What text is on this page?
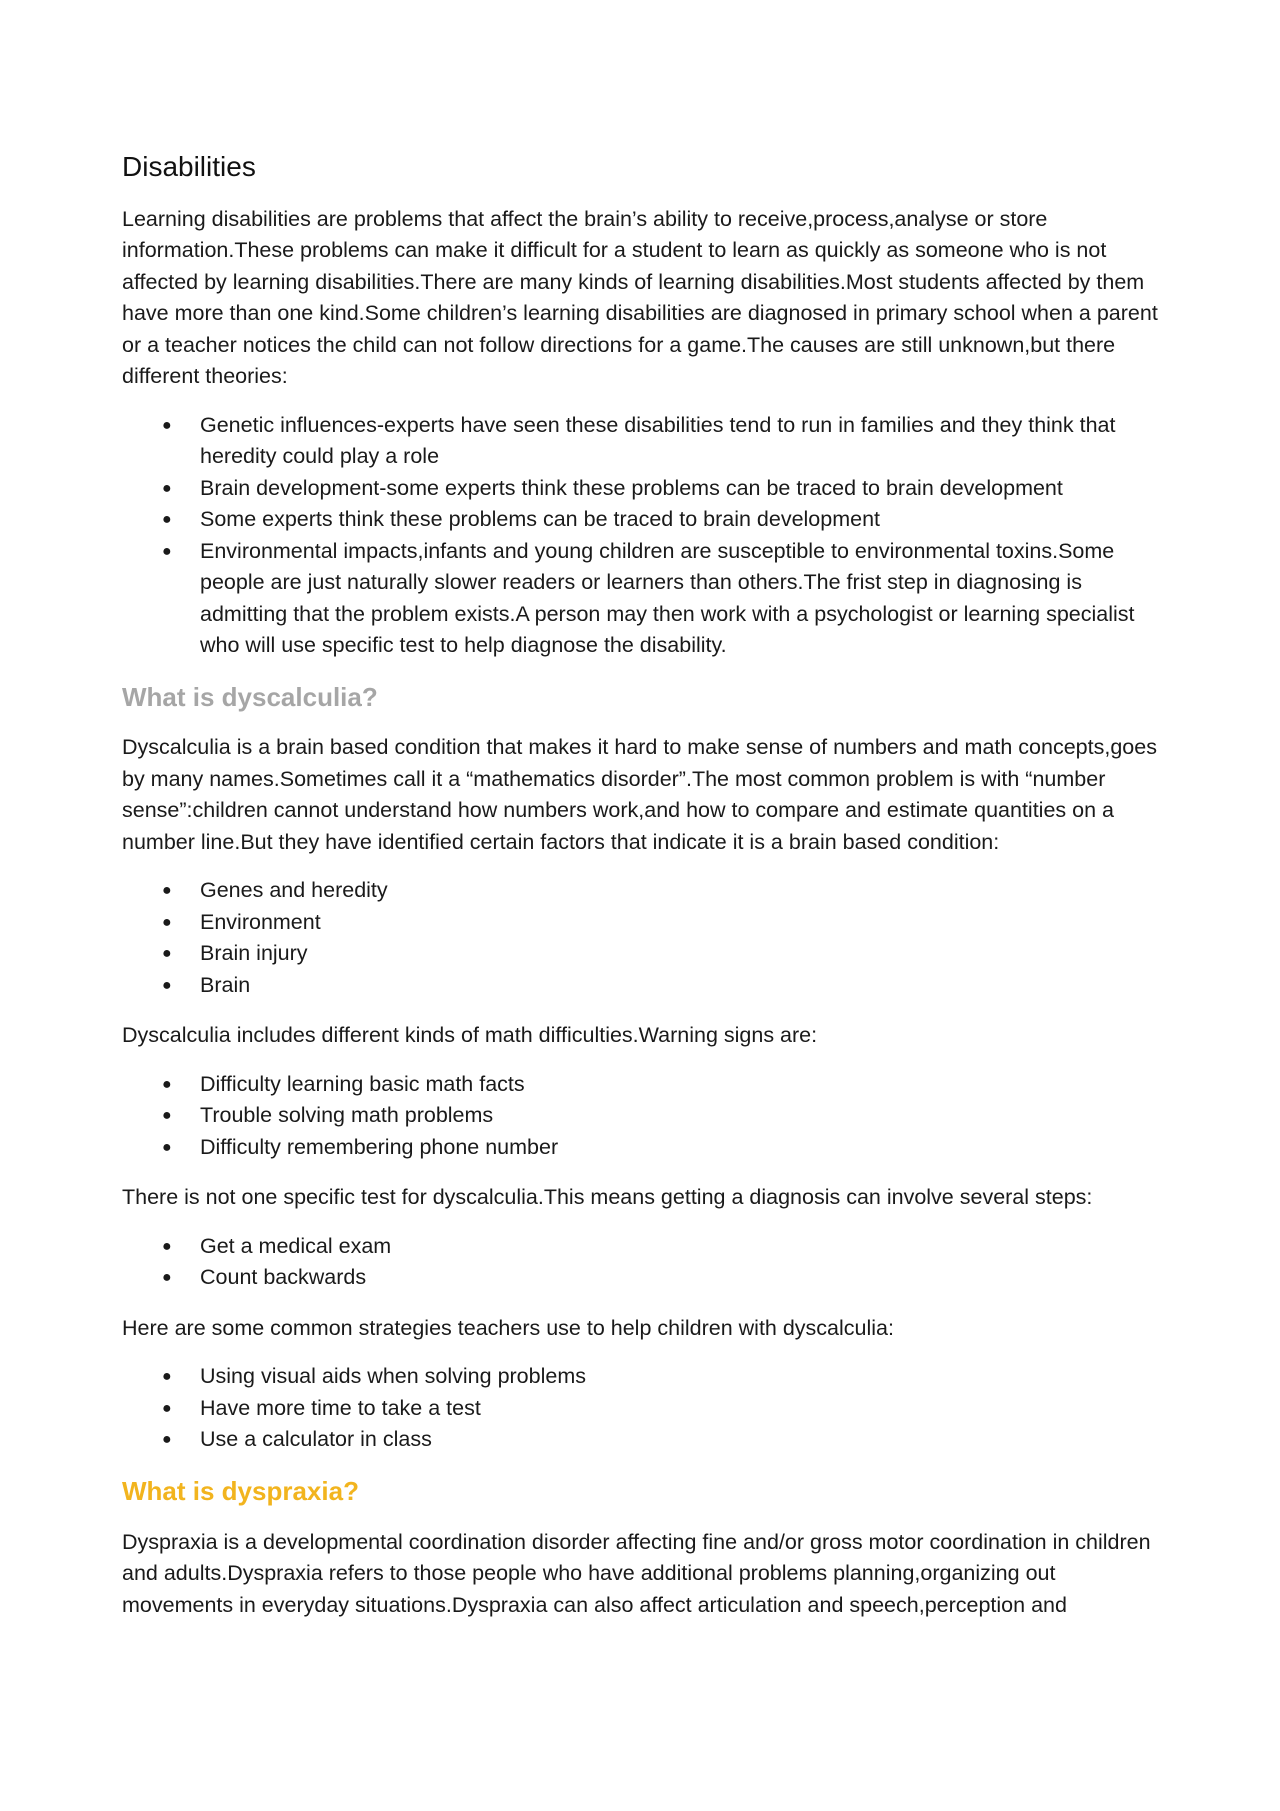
Disabilities

Learning disabilities are problems that affect the brain’s ability to receive,process,analyse or store information.These problems can make it difficult for a student to learn as quickly as someone who is not affected by learning disabilities.There are many kinds of learning disabilities.Most students affected by them have more than one kind.Some children’s learning disabilities are diagnosed in primary school when a parent or a teacher notices the child can not follow directions for a game.The causes are still unknown,but there different theories:

● Genetic influences-experts have seen these disabilities tend to run in families and they think that heredity could play a role
● Brain development-some experts think these problems can be traced to brain development
● Some experts think these problems can be traced to brain development
● Environmental impacts,infants and young children are susceptible to environmental toxins.Some people are just naturally slower readers or learners than others.The frist step in diagnosing is admitting that the problem exists.A person may then work with a psychologist or learning specialist who will use specific test to help diagnose the disability.
What is dyscalculia?

Dyscalculia is a brain based condition that makes it hard to make sense of numbers and math concepts,goes by many names.Sometimes call it a “mathematics disorder”.The most common problem is with “number sense”:children cannot understand how numbers work,and how to compare and estimate quantities on a number line.But they have identified certain factors that indicate it is a brain based condition:

● Genes and heredity
● Environment
● Brain injury
● Brain

Dyscalculia includes different kinds of math difficulties.Warning signs are:

● Difficulty learning basic math facts
● Trouble solving math problems
● Difficulty remembering phone number

There is not one specific test for dyscalculia.This means getting a diagnosis can involve several steps:

● Get a medical exam
● Count backwards

Here are some common strategies teachers use to help children with dyscalculia:

● Using visual aids when solving problems
● Have more time to take a test
● Use a calculator in class
What is dyspraxia?

Dyspraxia is a developmental coordination disorder affecting fine and/or gross motor coordination in children and adults.Dyspraxia refers to those people who have additional problems planning,organizing out movements in everyday situations.Dyspraxia can also affect articulation and speech,perception and
